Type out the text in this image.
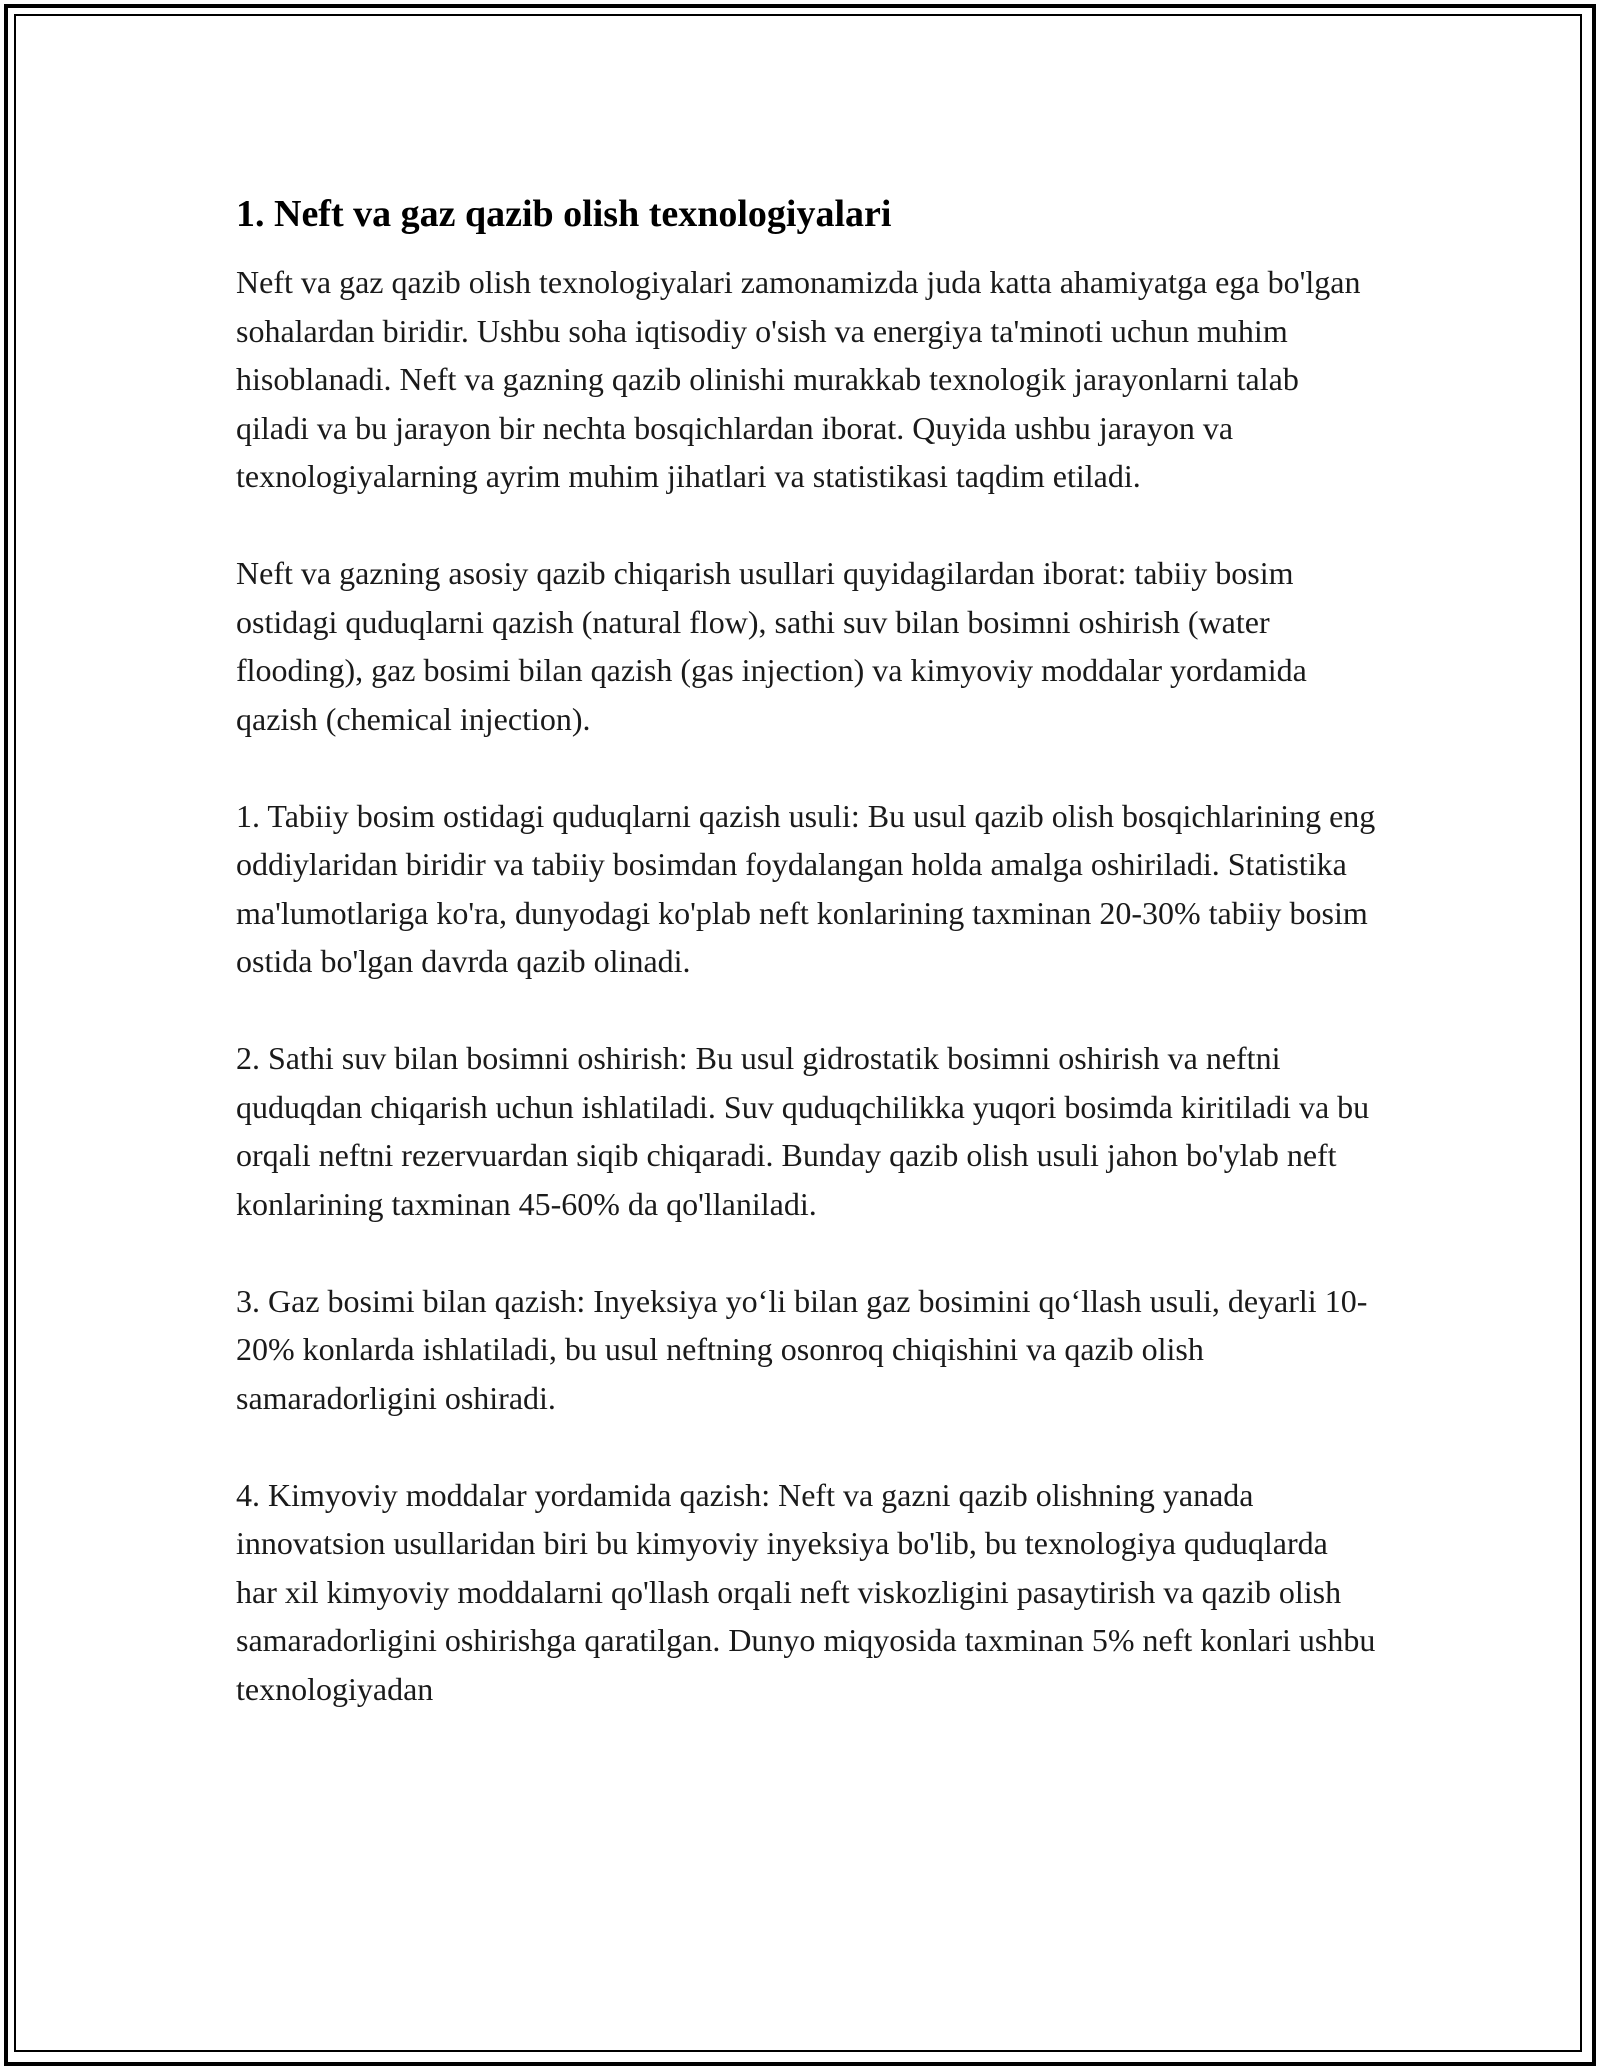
1. Neft va gaz qazib olish texnologiyalari

Neft va gaz qazib olish texnologiyalari zamonamizda juda katta ahamiyatga ega bo'lgan sohalardan biridir. Ushbu soha iqtisodiy o'sish va energiya ta'minoti uchun muhim hisoblanadi. Neft va gazning qazib olinishi murakkab texnologik jarayonlarni talab qiladi va bu jarayon bir nechta bosqichlardan iborat. Quyida ushbu jarayon va texnologiyalarning ayrim muhim jihatlari va statistikasi taqdim etiladi.

Neft va gazning asosiy qazib chiqarish usullari quyidagilardan iborat: tabiiy bosim ostidagi quduqlarni qazish (natural flow), sathi suv bilan bosimni oshirish (water flooding), gaz bosimi bilan qazish (gas injection) va kimyoviy moddalar yordamida qazish (chemical injection).

1. Tabiiy bosim ostidagi quduqlarni qazish usuli: Bu usul qazib olish bosqichlarining eng oddiylaridan biridir va tabiiy bosimdan foydalangan holda amalga oshiriladi. Statistika ma'lumotlariga ko'ra, dunyodagi ko'plab neft konlarining taxminan 20-30% tabiiy bosim ostida bo'lgan davrda qazib olinadi.

2. Sathi suv bilan bosimni oshirish: Bu usul gidrostatik bosimni oshirish va neftni quduqdan chiqarish uchun ishlatiladi. Suv quduqchilikka yuqori bosimda kiritiladi va bu orqali neftni rezervuardan siqib chiqaradi. Bunday qazib olish usuli jahon bo'ylab neft konlarining taxminan 45-60% da qo'llaniladi.

3. Gaz bosimi bilan qazish: Inyeksiya yo‘li bilan gaz bosimini qo‘llash usuli, deyarli 10-20% konlarda ishlatiladi, bu usul neftning osonroq chiqishini va qazib olish samaradorligini oshiradi.

4. Kimyoviy moddalar yordamida qazish: Neft va gazni qazib olishning yanada innovatsion usullaridan biri bu kimyoviy inyeksiya bo'lib, bu texnologiya quduqlarda har xil kimyoviy moddalarni qo'llash orqali neft viskozligini pasaytirish va qazib olish samaradorligini oshirishga qaratilgan. Dunyo miqyosida taxminan 5% neft konlari ushbu texnologiyadan
